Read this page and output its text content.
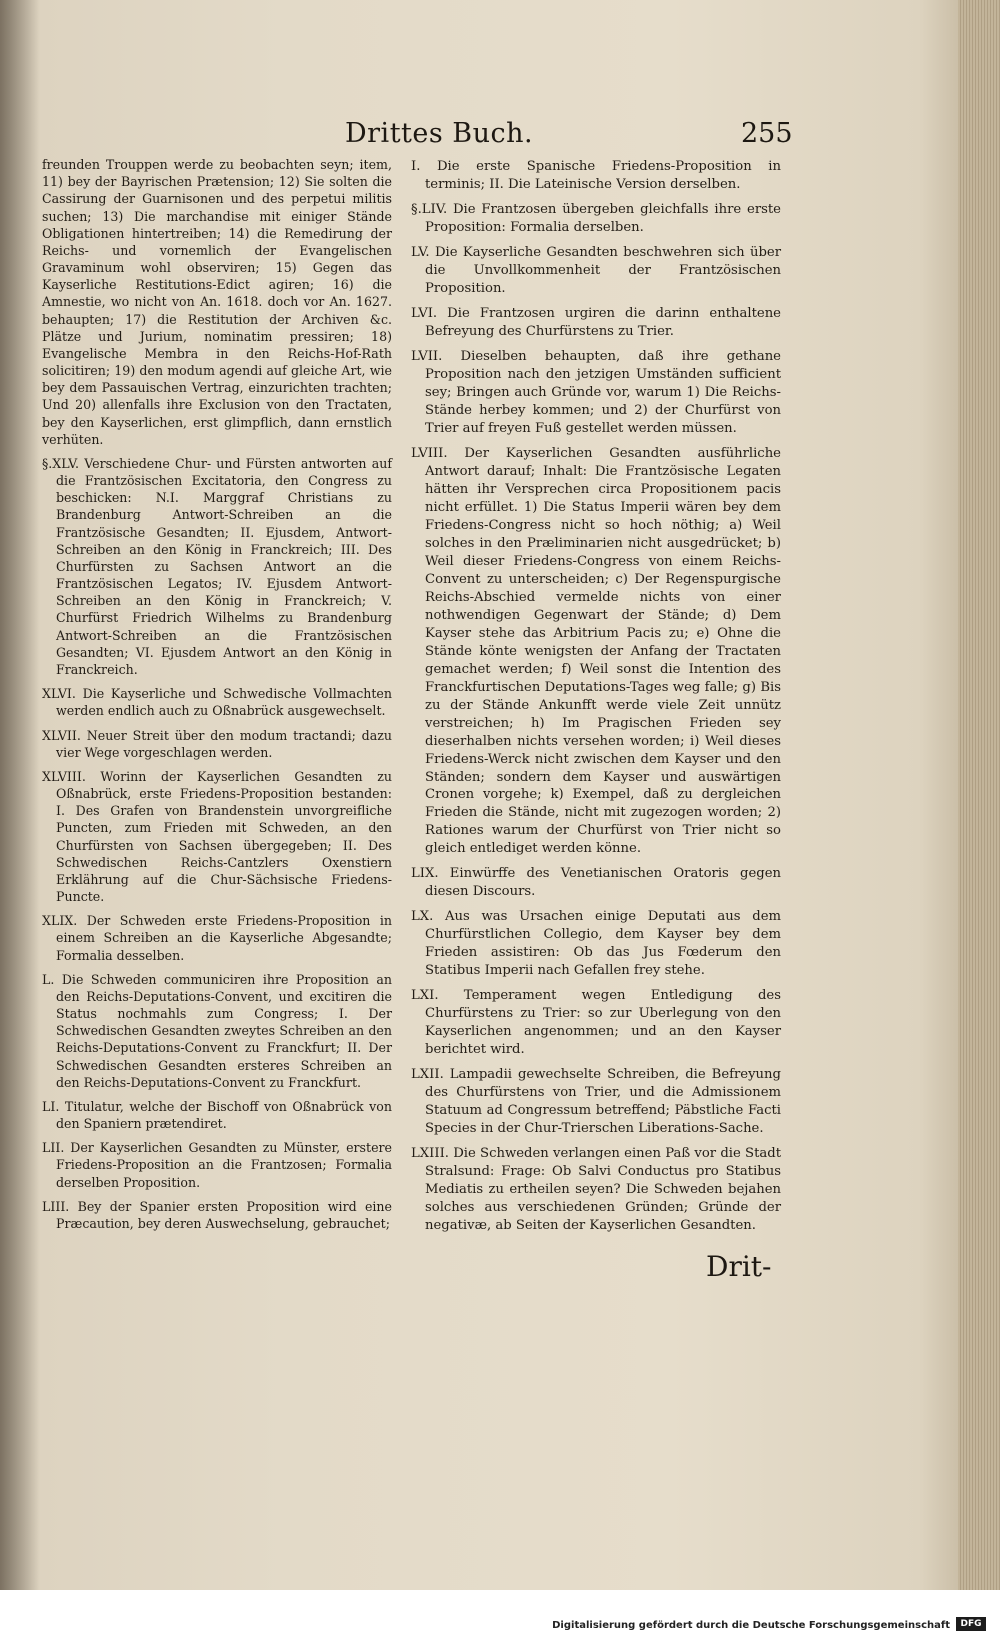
Drittes Buch.	255

freunden Trouppen werde zu beobachten seyn; item, 11) bey der Bayrischen Prætension; 12) Sie solten die Cassirung der Guarnisonen und des perpetui militis suchen; 13) Die marchandise mit einiger Stände Obligationen hintertreiben; 14) die Remedirung der Reichs- und vornemlich der Evangelischen Gravaminum wohl observiren; 15) Gegen das Kayserliche Restitutions-Edict agiren; 16) die Amnestie, wo nicht von An. 1618. doch vor An. 1627. behaupten; 17) die Restitution der Archiven &c. Plätze und Jurium, nominatim pressiren; 18) Evangelische Membra in den Reichs-Hof-Rath solicitiren; 19) den modum agendi auf gleiche Art, wie bey dem Passauischen Vertrag, einzurichten trachten; Und 20) allenfalls ihre Exclusion von den Tractaten, bey den Kayserlichen, erst glimpflich, dann ernstlich verhüten.

§.XLV. Verschiedene Chur- und Fürsten antworten auf die Frantzösischen Excitatoria, den Congress zu beschicken: N.I. Marggraf Christians zu Brandenburg Antwort-Schreiben an die Frantzösische Gesandten; II. Ejusdem, Antwort-Schreiben an den König in Franckreich; III. Des Churfürsten zu Sachsen Antwort an die Frantzösischen Legatos; IV. Ejusdem Antwort-Schreiben an den König in Franckreich; V. Churfürst Friedrich Wilhelms zu Brandenburg Antwort-Schreiben an die Frantzösischen Gesandten; VI. Ejusdem Antwort an den König in Franckreich.

XLVI. Die Kayserliche und Schwedische Vollmachten werden endlich auch zu Oßnabrück ausgewechselt.

XLVII. Neuer Streit über den modum tractandi; dazu vier Wege vorgeschlagen werden.

XLVIII. Worinn der Kayserlichen Gesandten zu Oßnabrück, erste Friedens-Proposition bestanden: I. Des Grafen von Brandenstein unvorgreifliche Puncten, zum Frieden mit Schweden, an den Churfürsten von Sachsen übergegeben; II. Des Schwedischen Reichs-Cantzlers Oxenstiern Erklährung auf die Chur-Sächsische Friedens-Puncte.

XLIX. Der Schweden erste Friedens-Proposition in einem Schreiben an die Kayserliche Abgesandte; Formalia desselben.

L. Die Schweden communiciren ihre Proposition an den Reichs-Deputations-Convent, und excitiren die Status nochmahls zum Congress; I. Der Schwedischen Gesandten zweytes Schreiben an den Reichs-Deputations-Convent zu Franckfurt; II. Der Schwedischen Gesandten ersteres Schreiben an den Reichs-Deputations-Convent zu Franckfurt.

LI. Titulatur, welche der Bischoff von Oßnabrück von den Spaniern prætendiret.

LII. Der Kayserlichen Gesandten zu Münster, erstere Friedens-Proposition an die Frantzosen; Formalia derselben Proposition.

LIII. Bey der Spanier ersten Proposition wird eine Præcaution, bey deren Auswechselung, gebrauchet;

I. Die erste Spanische Friedens-Proposition in terminis; II. Die Lateinische Version derselben.

§.LIV. Die Frantzosen übergeben gleichfalls ihre erste Proposition: Formalia derselben.

LV. Die Kayserliche Gesandten beschwehren sich über die Unvollkommenheit der Frantzösischen Proposition.

LVI. Die Frantzosen urgiren die darinn enthaltene Befreyung des Churfürstens zu Trier.

LVII. Dieselben behaupten, daß ihre gethane Proposition nach den jetzigen Umständen sufficient sey; Bringen auch Gründe vor, warum 1) Die Reichs-Stände herbey kommen; und 2) der Churfürst von Trier auf freyen Fuß gestellet werden müssen.

LVIII. Der Kayserlichen Gesandten ausführliche Antwort darauf; Inhalt: Die Frantzösische Legaten hätten ihr Versprechen circa Propositionem pacis nicht erfüllet. 1) Die Status Imperii wären bey dem Friedens-Congress nicht so hoch nöthig; a) Weil solches in den Præliminarien nicht ausgedrücket; b) Weil dieser Friedens-Congress von einem Reichs-Convent zu unterscheiden; c) Der Regenspurgische Reichs-Abschied vermelde nichts von einer nothwendigen Gegenwart der Stände; d) Dem Kayser stehe das Arbitrium Pacis zu; e) Ohne die Stände könte wenigsten der Anfang der Tractaten gemachet werden; f) Weil sonst die Intention des Franckfurtischen Deputations-Tages weg falle; g) Bis zu der Stände Ankunfft werde viele Zeit unnütz verstreichen; h) Im Pragischen Frieden sey dieserhalben nichts versehen worden; i) Weil dieses Friedens-Werck nicht zwischen dem Kayser und den Ständen; sondern dem Kayser und auswärtigen Cronen vorgehe; k) Exempel, daß zu dergleichen Frieden die Stände, nicht mit zugezogen worden; 2) Rationes warum der Churfürst von Trier nicht so gleich entlediget werden könne.

LIX. Einwürffe des Venetianischen Oratoris gegen diesen Discours.

LX. Aus was Ursachen einige Deputati aus dem Churfürstlichen Collegio, dem Kayser bey dem Frieden assistiren: Ob das Jus Fœderum den Statibus Imperii nach Gefallen frey stehe.

LXI. Temperament wegen Entledigung des Churfürstens zu Trier: so zur Uberlegung von den Kayserlichen angenommen; und an den Kayser berichtet wird.

LXII. Lampadii gewechselte Schreiben, die Befreyung des Churfürstens von Trier, und die Admissionem Statuum ad Congressum betreffend; Päbstliche Facti Species in der Chur-Trierschen Liberations-Sache.

LXIII. Die Schweden verlangen einen Paß vor die Stadt Stralsund: Frage: Ob Salvi Conductus pro Statibus Mediatis zu ertheilen seyen? Die Schweden bejahen solches aus verschiedenen Gründen; Gründe der negativæ, ab Seiten der Kayserlichen Gesandten.

Drit-
Digitalisierung gefördert durch die Deutsche Forschungsgemeinschaft	DFG
